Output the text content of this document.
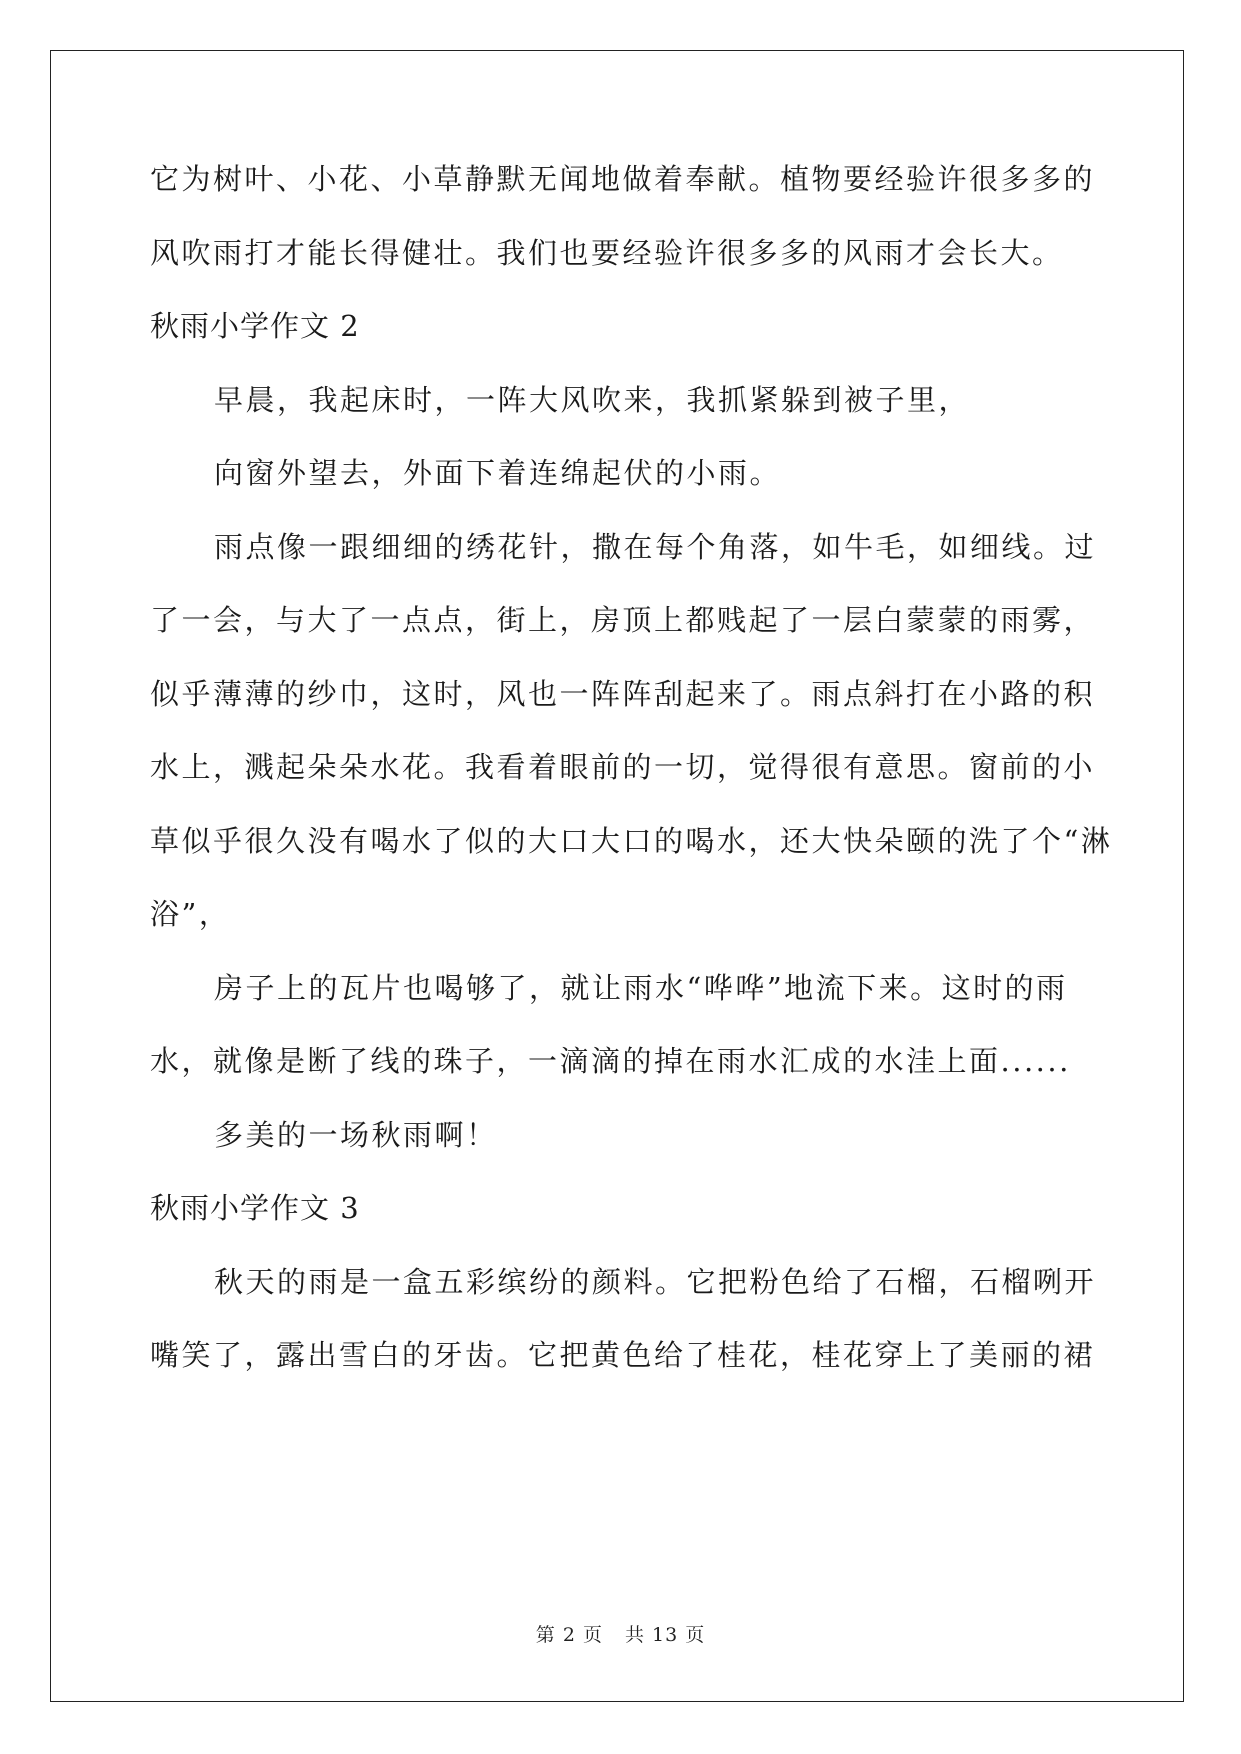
它为树叶、小花、小草静默无闻地做着奉献。植物要经验许很多多的
风吹雨打才能长得健壮。我们也要经验许很多多的风雨才会长大。
秋雨小学作文 2
早晨，我起床时，一阵大风吹来，我抓紧躲到被子里，
向窗外望去，外面下着连绵起伏的小雨。
雨点像一跟细细的绣花针，撒在每个角落，如牛毛，如细线。过
了一会，与大了一点点，街上，房顶上都贱起了一层白蒙蒙的雨雾，
似乎薄薄的纱巾，这时，风也一阵阵刮起来了。雨点斜打在小路的积
水上，溅起朵朵水花。我看着眼前的一切，觉得很有意思。窗前的小
草似乎很久没有喝水了似的大口大口的喝水，还大快朵颐的洗了个“淋
浴”，
房子上的瓦片也喝够了，就让雨水“哗哗”地流下来。这时的雨
水，就像是断了线的珠子，一滴滴的掉在雨水汇成的水洼上面......
多美的一场秋雨啊！
秋雨小学作文 3
秋天的雨是一盒五彩缤纷的颜料。它把粉色给了石榴，石榴咧开
嘴笑了，露出雪白的牙齿。它把黄色给了桂花，桂花穿上了美丽的裙
第 2 页 共 13 页
